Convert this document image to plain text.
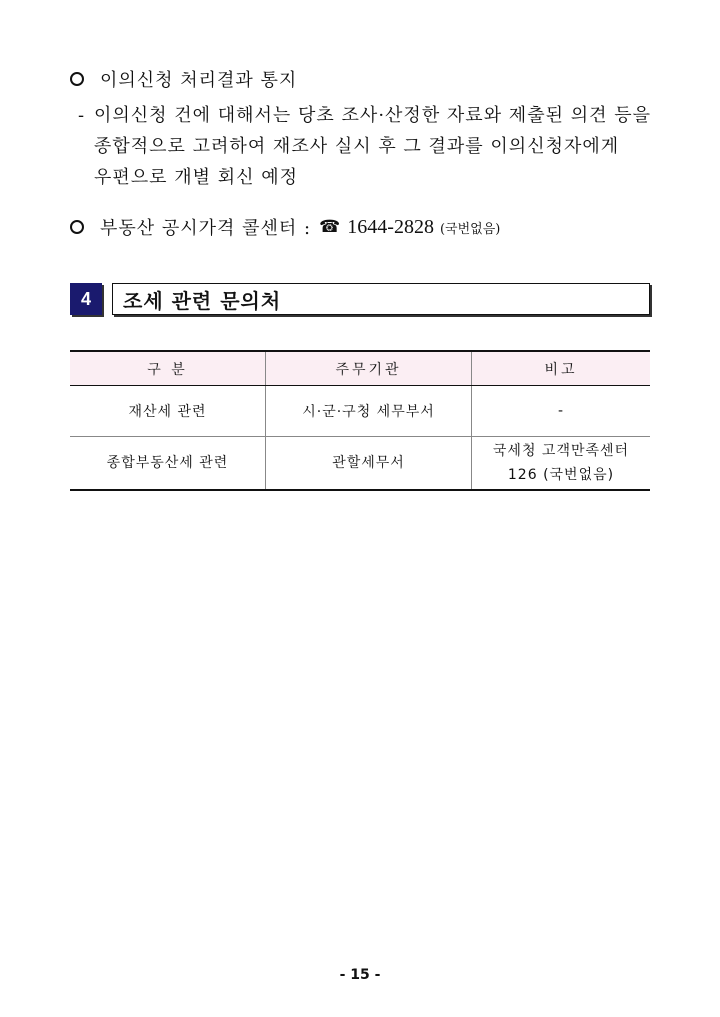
이의신청 처리결과 통지
- 이의신청 건에 대해서는 당초 조사·산정한 자료와 제출된 의견 등을
종합적으로 고려하여 재조사 실시 후 그 결과를 이의신청자에게
우편으로 개별 회신 예정
부동산 공시가격 콜센터 : ☎ 1644-2828 (국번없음)
4	조세 관련 문의처
구 분	주무기관	비고
재산세 관련	시·군·구청 세무부서	-
종합부동산세 관련	관할세무서	국세청 고객만족센터
126 (국번없음)
- 15 -
